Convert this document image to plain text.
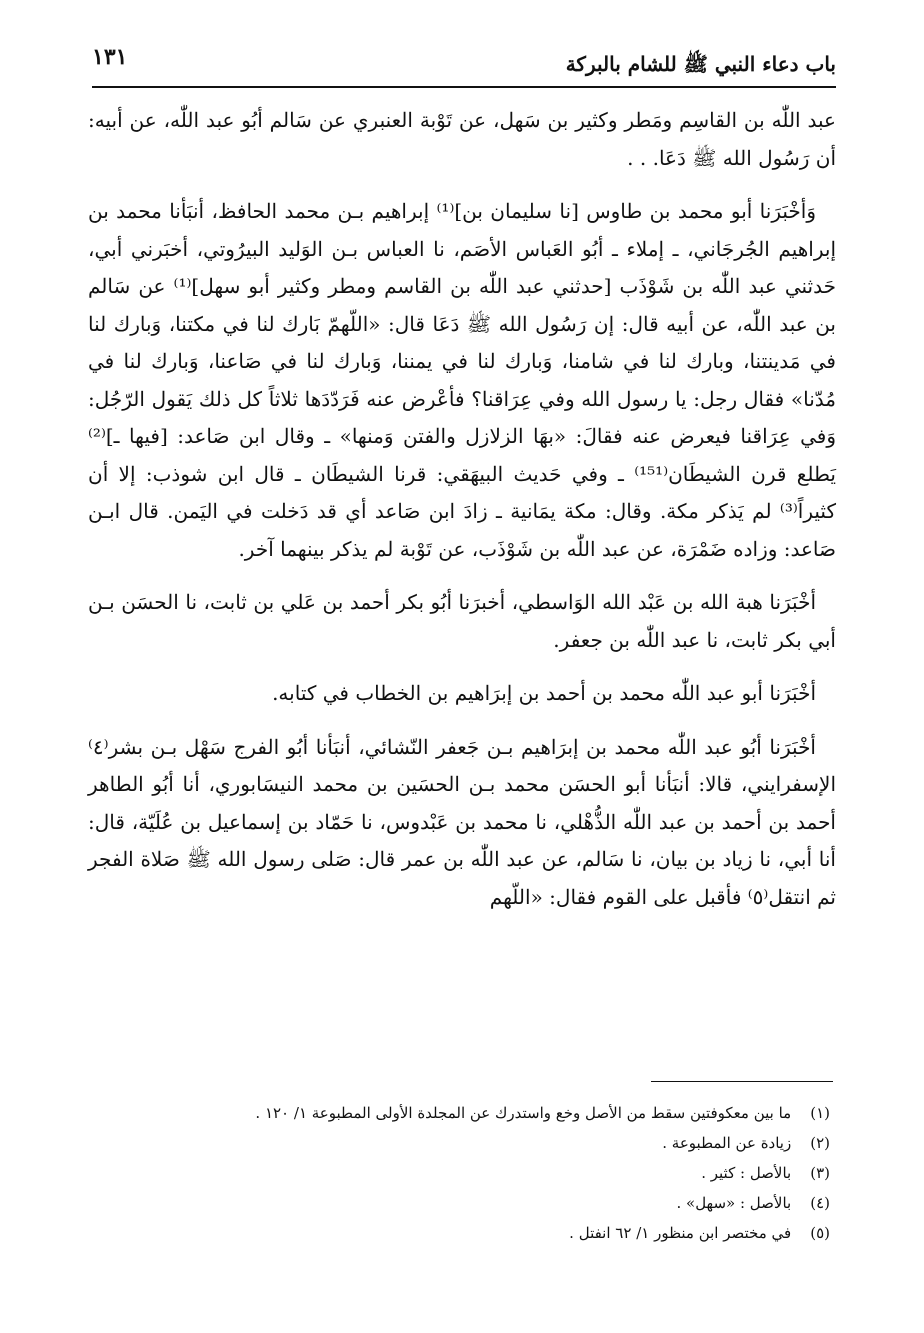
باب دعاء النبي ﷺ للشام بالبركة
١٣١

عبد اللّٰه بن القاسِم ومَطر وكثير بن سَهل، عن تَوْبة العنبري عن سَالم أبُو عبد اللّٰه، عن أبيه: أن رَسُول الله ﷺ دَعَا. . .

وَأخْبَرَنا أبو محمد بن طاوس [نا سليمان بن]⁽¹⁾ إبراهيم بـن محمد الحافظ، أنبَأنا محمد بن إبراهيم الجُرجَاني، ـ إملاء ـ أبُو العَباس الأصَم، نا العباس بـن الوَليد البيرُوتي، أخبَرني أبي، حَدثني عبد اللّٰه بن شَوْذَب [حدثني عبد اللّٰه بن القاسم ومطر وكثير أبو سهل]⁽¹⁾ عن سَالم بن عبد اللّٰه، عن أبيه قال: إن رَسُول الله ﷺ دَعَا قال: «اللّهمّ بَارك لنا في مكتنا، وَبارك لنا في مَدينتنا، وبارك لنا في شامنا، وَبارك لنا في يمننا، وَبارك لنا في صَاعنا، وَبارك لنا في مُدّنا» فقال رجل: يا رسول الله وفي عِرَاقنا؟ فأعْرض عنه فَرَدّدَها ثلاثاً كل ذلك يَقول الرّجُل: وَفي عِرَاقنا فيعرض عنه فقالَ: «بهَا الزلازل والفتن وَمنها» ـ وقال ابن صَاعد: [فيها ـ]⁽²⁾ يَطلع قرن الشيطَان⁽¹⁵¹⁾ ـ وفي حَديث البيهَقي: قرنا الشيطَان ـ قال ابن شوذب: إلا أن كثيراً⁽³⁾ لم يَذكر مكة. وقال: مكة يمَانية ـ زادَ ابن صَاعد أي قد دَخلت في اليَمن. قال ابـن صَاعد: وزاده ضَمْرَة، عن عبد اللّٰه بن شَوْذَب، عن تَوْبة لم يذكر بينهما آخر.

أخْبَرَنا هبة الله بن عَبْد الله الوَاسطي، أخبرَنا أبُو بكر أحمد بن عَلي بن ثابت، نا الحسَن بـن أبي بكر ثابت، نا عبد اللّٰه بن جعفر.

أخْبَرَنا أبو عبد اللّٰه محمد بن أحمد بن إبرَاهيم بن الخطاب في كتابه.

أخْبَرَنا أبُو عبد اللّٰه محمد بن إبرَاهيم بـن جَعفر النّشائي، أنبَأنا أبُو الفرج سَهْل بـن بشر⁽٤⁾ الإسفرايني، قالا: أنبَأنا أبو الحسَن محمد بـن الحسَين بن محمد النيسَابوري، أنا أبُو الطاهر أحمد بن أحمد بن عبد اللّٰه الذُّهْلي، نا محمد بن عَبْدوس، نا حَمّاد بن إسماعيل بن عُلَيّة، قال: أنا أبي، نا زياد بن بيان، نا سَالم، عن عبد اللّٰه بن عمر قال: صَلى رسول الله ﷺ صَلاة الفجر ثم انتقل⁽٥⁾ فأقبل على القوم فقال: «اللّهم

(١) ما بين معكوفتين سقط من الأصل وخع واستدرك عن المجلدة الأولى المطبوعة ١/ ١٢٠ .
(٢) زيادة عن المطبوعة .
(٣) بالأصل : كثير .
(٤) بالأصل : «سهل» .
(٥) في مختصر ابن منظور ١/ ٦٢ انفتل .
